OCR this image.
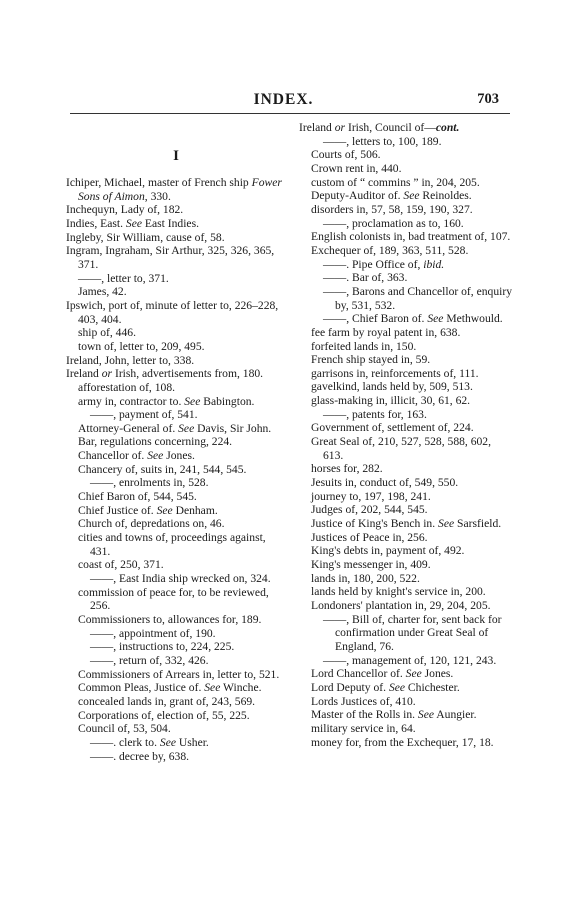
INDEX.	703
I

Ichiper, Michael, master of French ship Fower Sons of Aimon, 330.

Inchequyn, Lady of, 182.

Indies, East. See East Indies.

Ingleby, Sir William, cause of, 58.

Ingram, Ingraham, Sir Arthur, 325, 326, 365, 371.

——, letter to, 371.

James, 42.

Ipswich, port of, minute of letter to, 226–228, 403, 404.

ship of, 446.

town of, letter to, 209, 495.

Ireland, John, letter to, 338.

Ireland or Irish, advertisements from, 180.

afforestation of, 108.

army in, contractor to. See Babington.

——, payment of, 541.

Attorney-General of. See Davis, Sir John.

Bar, regulations concerning, 224.

Chancellor of. See Jones.

Chancery of, suits in, 241, 544, 545.

——, enrolments in, 528.

Chief Baron of, 544, 545.

Chief Justice of. See Denham.

Church of, depredations on, 46.

cities and towns of, proceedings against, 431.

coast of, 250, 371.

——, East India ship wrecked on, 324.

commission of peace for, to be reviewed, 256.

Commissioners to, allowances for, 189.

——, appointment of, 190.

——, instructions to, 224, 225.

——, return of, 332, 426.

Commissioners of Arrears in, letter to, 521.

Common Pleas, Justice of. See Winche.

concealed lands in, grant of, 243, 569.

Corporations of, election of, 55, 225.

Council of, 53, 504.

——. clerk to. See Usher.

——. decree by, 638.

Ireland or Irish, Council of—cont.

——, letters to, 100, 189.

Courts of, 506.

Crown rent in, 440.

custom of “ commins ” in, 204, 205.

Deputy-Auditor of. See Reinoldes.

disorders in, 57, 58, 159, 190, 327.

——, proclamation as to, 160.

English colonists in, bad treatment of, 107.

Exchequer of, 189, 363, 511, 528.

——. Pipe Office of, ibid.

——. Bar of, 363.

——, Barons and Chancellor of, enquiry by, 531, 532.

——, Chief Baron of. See Methwould.

fee farm by royal patent in, 638.

forfeited lands in, 150.

French ship stayed in, 59.

garrisons in, reinforcements of, 111.

gavelkind, lands held by, 509, 513.

glass-making in, illicit, 30, 61, 62.

——, patents for, 163.

Government of, settlement of, 224.

Great Seal of, 210, 527, 528, 588, 602, 613.

horses for, 282.

Jesuits in, conduct of, 549, 550.

journey to, 197, 198, 241.

Judges of, 202, 544, 545.

Justice of King's Bench in. See Sarsfield.

Justices of Peace in, 256.

King's debts in, payment of, 492.

King's messenger in, 409.

lands in, 180, 200, 522.

lands held by knight's service in, 200.

Londoners' plantation in, 29, 204, 205.

——, Bill of, charter for, sent back for confirmation under Great Seal of England, 76.

——, management of, 120, 121, 243.

Lord Chancellor of. See Jones.

Lord Deputy of. See Chichester.

Lords Justices of, 410.

Master of the Rolls in. See Aungier.

military service in, 64.

money for, from the Exchequer, 17, 18.
